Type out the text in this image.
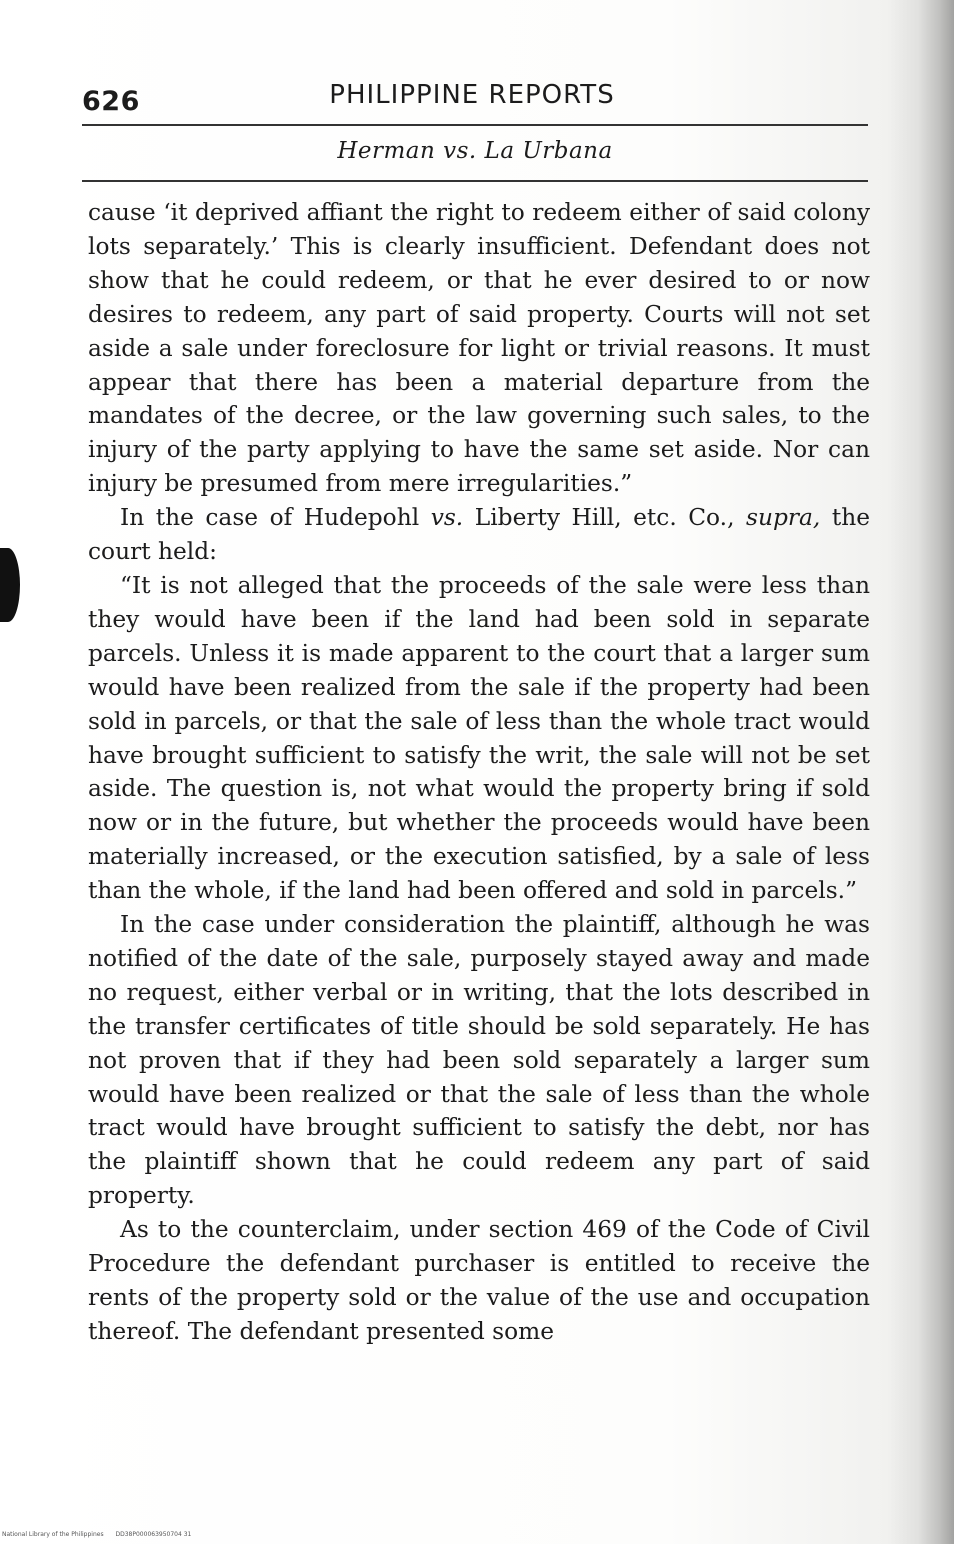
626	PHILIPPINE REPORTS
Herman vs. La Urbana

cause ‘it deprived affiant the right to redeem either of said colony lots separately.’ This is clearly insufficient. Defendant does not show that he could redeem, or that he ever desired to or now desires to redeem, any part of said property. Courts will not set aside a sale under foreclosure for light or trivial reasons. It must appear that there has been a material departure from the mandates of the decree, or the law governing such sales, to the injury of the party applying to have the same set aside. Nor can injury be presumed from mere irregularities.”

In the case of Hudepohl vs. Liberty Hill, etc. Co., supra, the court held:

“It is not alleged that the proceeds of the sale were less than they would have been if the land had been sold in separate parcels. Unless it is made apparent to the court that a larger sum would have been realized from the sale if the property had been sold in parcels, or that the sale of less than the whole tract would have brought sufficient to satisfy the writ, the sale will not be set aside. The question is, not what would the property bring if sold now or in the future, but whether the proceeds would have been materially increased, or the execution satisfied, by a sale of less than the whole, if the land had been offered and sold in parcels.”

In the case under consideration the plaintiff, although he was notified of the date of the sale, purposely stayed away and made no request, either verbal or in writing, that the lots described in the transfer certificates of title should be sold separately. He has not proven that if they had been sold separately a larger sum would have been realized or that the sale of less than the whole tract would have brought sufficient to satisfy the debt, nor has the plaintiff shown that he could redeem any part of said property.

As to the counterclaim, under section 469 of the Code of Civil Procedure the defendant purchaser is entitled to receive the rents of the property sold or the value of the use and occupation thereof. The defendant presented some

National Library of the Philippines DD38P000063950704 31
